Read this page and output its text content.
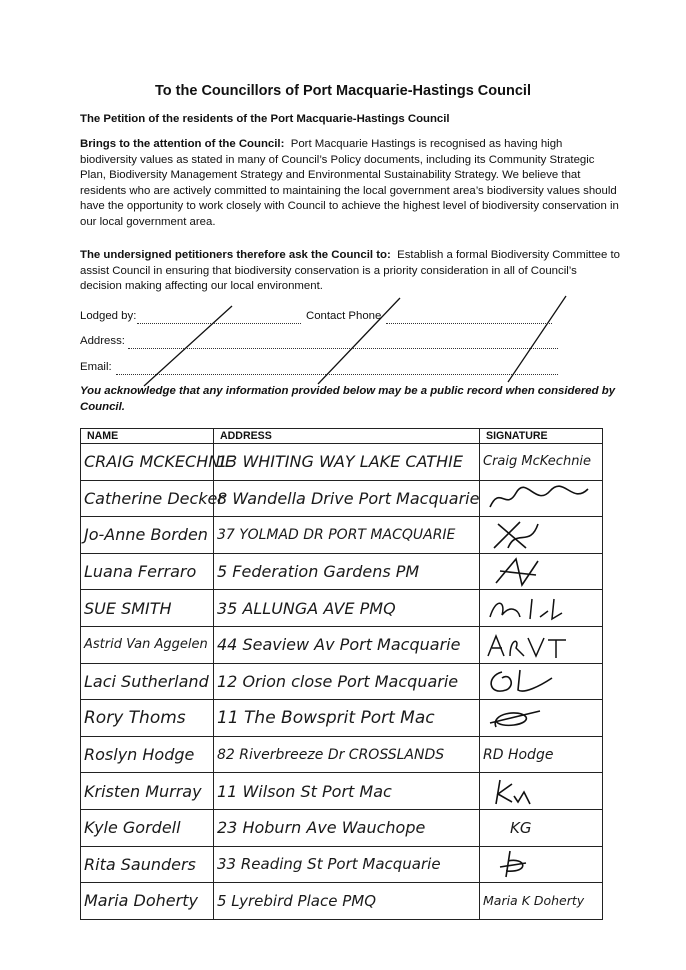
To the Councillors of Port Macquarie-Hastings Council

The Petition of the residents of the Port Macquarie-Hastings Council

Brings to the attention of the Council: Port Macquarie Hastings is recognised as having high biodiversity values as stated in many of Council’s Policy documents, including its Community Strategic Plan, Biodiversity Management Strategy and Environmental Sustainability Strategy. We believe that residents who are actively committed to maintaining the local government area’s biodiversity values should have the opportunity to work closely with Council to achieve the highest level of biodiversity conservation in our local government area.

The undersigned petitioners therefore ask the Council to: Establish a formal Biodiversity Committee to assist Council in ensuring that biodiversity conservation is a priority consideration in all of Council’s decision making affecting our local environment.

Lodged by:	Contact Phone
Address:
Email:

You acknowledge that any information provided below may be a public record when considered by Council.

NAME	ADDRESS	SIGNATURE

CRAIG MCKECHNIE	13 WHITING WAY LAKE CATHIE	Craig McKechnie

Catherine Decker	8 Wandella Drive Port Macquarie

Jo-Anne Borden	37 YOLMAD DR PORT MACQUARIE

Luana Ferraro	5 Federation Gardens PM

SUE SMITH	35 ALLUNGA AVE PMQ

Astrid Van Aggelen	44 Seaview Av Port Macquarie

Laci Sutherland	12 Orion close Port Macquarie

Rory Thoms	11 The Bowsprit Port Mac

Roslyn Hodge	82 Riverbreeze Dr CROSSLANDS	RD Hodge

Kristen Murray	11 Wilson St Port Mac

Kyle Gordell	23 Hoburn Ave Wauchope	KG

Rita Saunders	33 Reading St Port Macquarie

Maria Doherty	5 Lyrebird Place PMQ	Maria K Doherty
